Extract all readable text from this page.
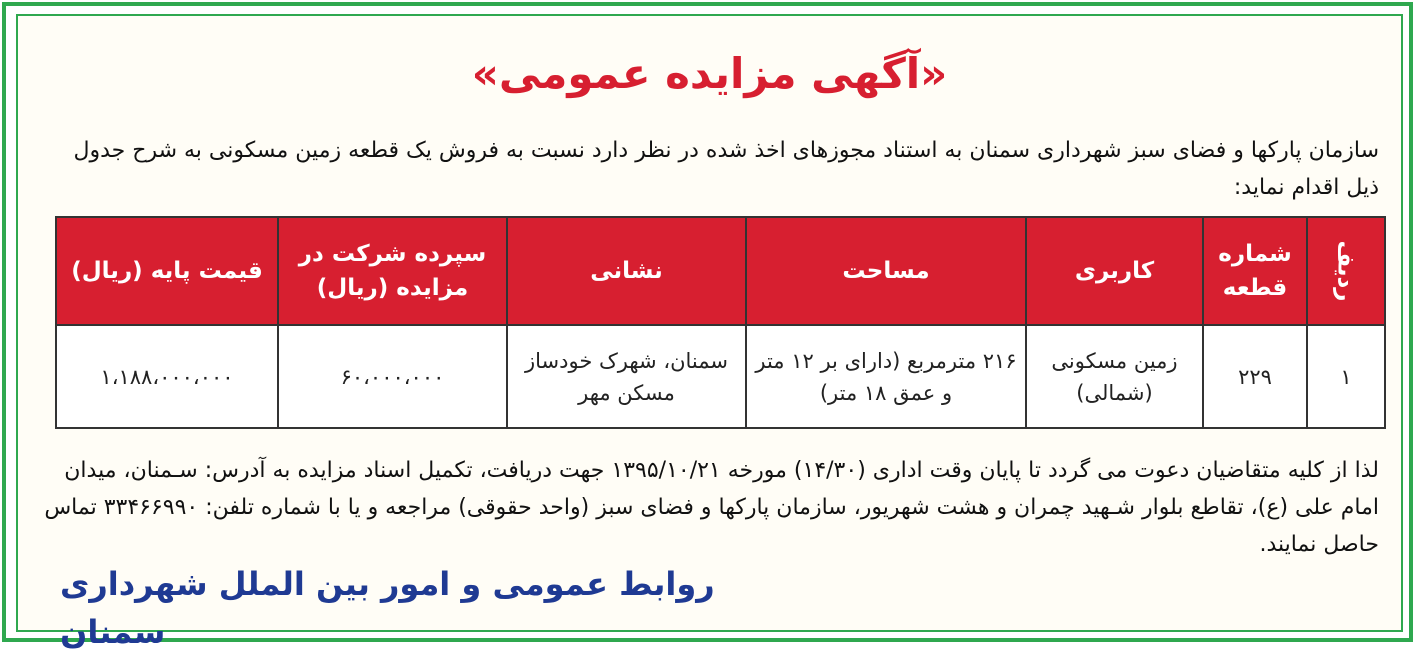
«آگهی مزایده عمومی»
سازمان پارکها و فضای سبز شهرداری سمنان به استناد مجوزهای اخذ شده در نظر دارد نسبت به فروش یک قطعه زمین مسکونی به شرح جدول ذیل اقدام نماید:
ردیف	شماره قطعه	کاربری	مساحت	نشانی	سپرده شرکت در مزایده (ریال)	قیمت پایه (ریال)
۱	۲۲۹	زمین مسکونی (شمالی)	۲۱۶ مترمربع (دارای بر ۱۲ متر و عمق ۱۸ متر)	سمنان، شهرک خودساز مسکن مهر	۶۰،۰۰۰،۰۰۰	۱،۱۸۸،۰۰۰،۰۰۰
لذا از کلیه متقاضیان دعوت می گردد تا پایان وقت اداری (۱۴/۳۰) مورخه ۱۳۹۵/۱۰/۲۱ جهت دریافت، تکمیل اسناد مزایده به آدرس: سـمنان، میدان امام علی (ع)، تقاطع بلوار شـهید چمران و هشت شهریور، سازمان پارکها و فضای سبز (واحد حقوقی) مراجعه و یا با شماره تلفن: ۳۳۴۶۶۹۹۰ تماس حاصل نمایند.
روابط عمومی و امور بین الملل شهرداری سمنان
